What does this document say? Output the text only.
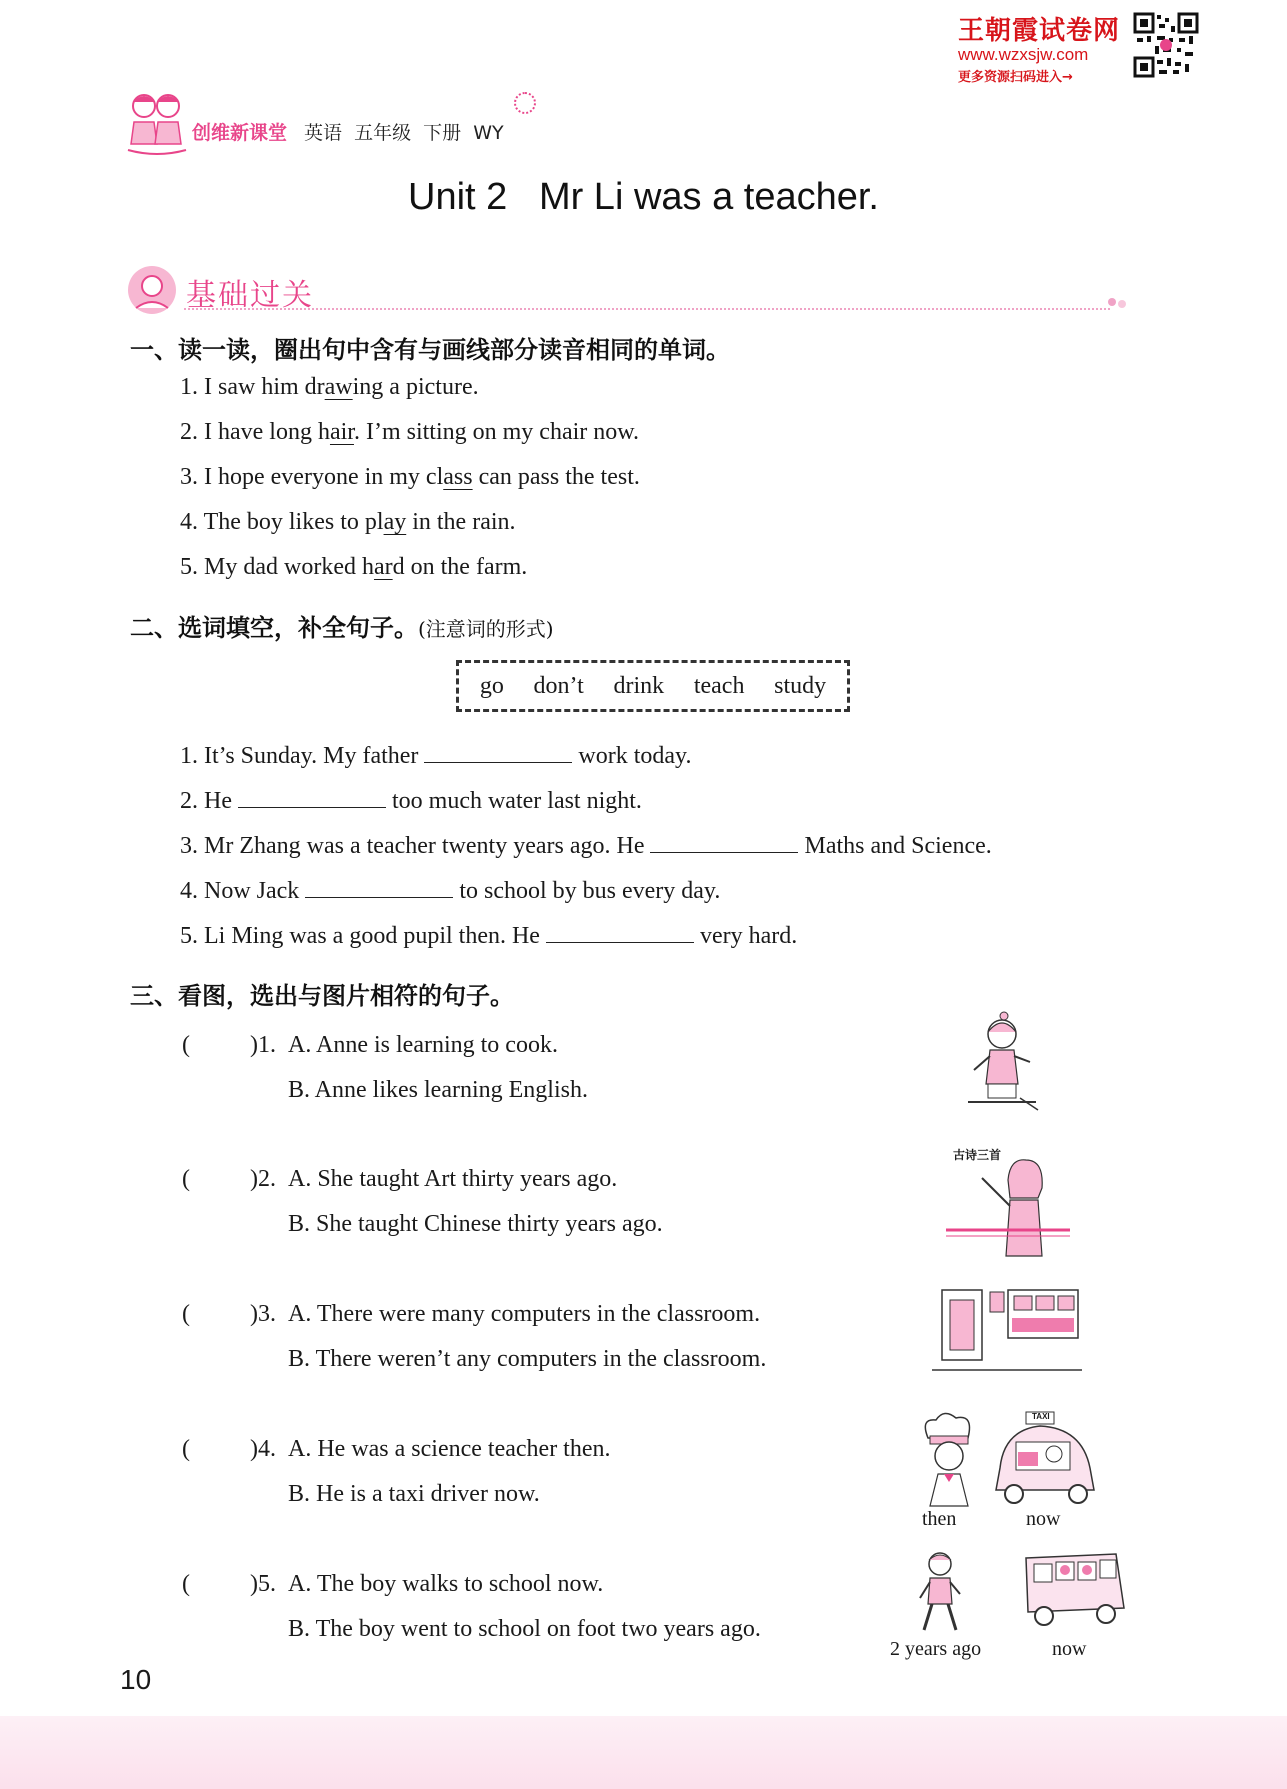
王朝霞试卷网
www.wzxsjw.com
更多资源扫码进入→
创维新课堂 英语 五年级 下册 WY
Unit 2   Mr Li was a teacher.
基础过关
一、读一读，圈出句中含有与画线部分读音相同的单词。
1. I saw him drawing a picture.
2. I have long hair. I’m sitting on my chair now.
3. I hope everyone in my class can pass the test.
4. The boy likes to play in the rain.
5. My dad worked hard on the farm.
二、选词填空，补全句子。(注意词的形式)
go don’t drink teach study
1. It’s Sunday. My father	work today.
2. He	too much water last night.
3. Mr Zhang was a teacher twenty years ago. He	Maths and Science.
4. Now Jack	to school by bus every day.
5. Li Ming was a good pupil then. He	very hard.
三、看图，选出与图片相符的句子。
(	)1. A. Anne is learning to cook.
B. Anne likes learning English.
(	)2. A. She taught Art thirty years ago.
B. She taught Chinese thirty years ago.
古诗三首
(	)3. A. There were many computers in the classroom.
B. There weren’t any computers in the classroom.
(	)4. A. He was a science teacher then.
B. He is a taxi driver now.
TAXI
then	now
(	)5. A. The boy walks to school now.
B. The boy went to school on foot two years ago.
2 years ago	now
10
